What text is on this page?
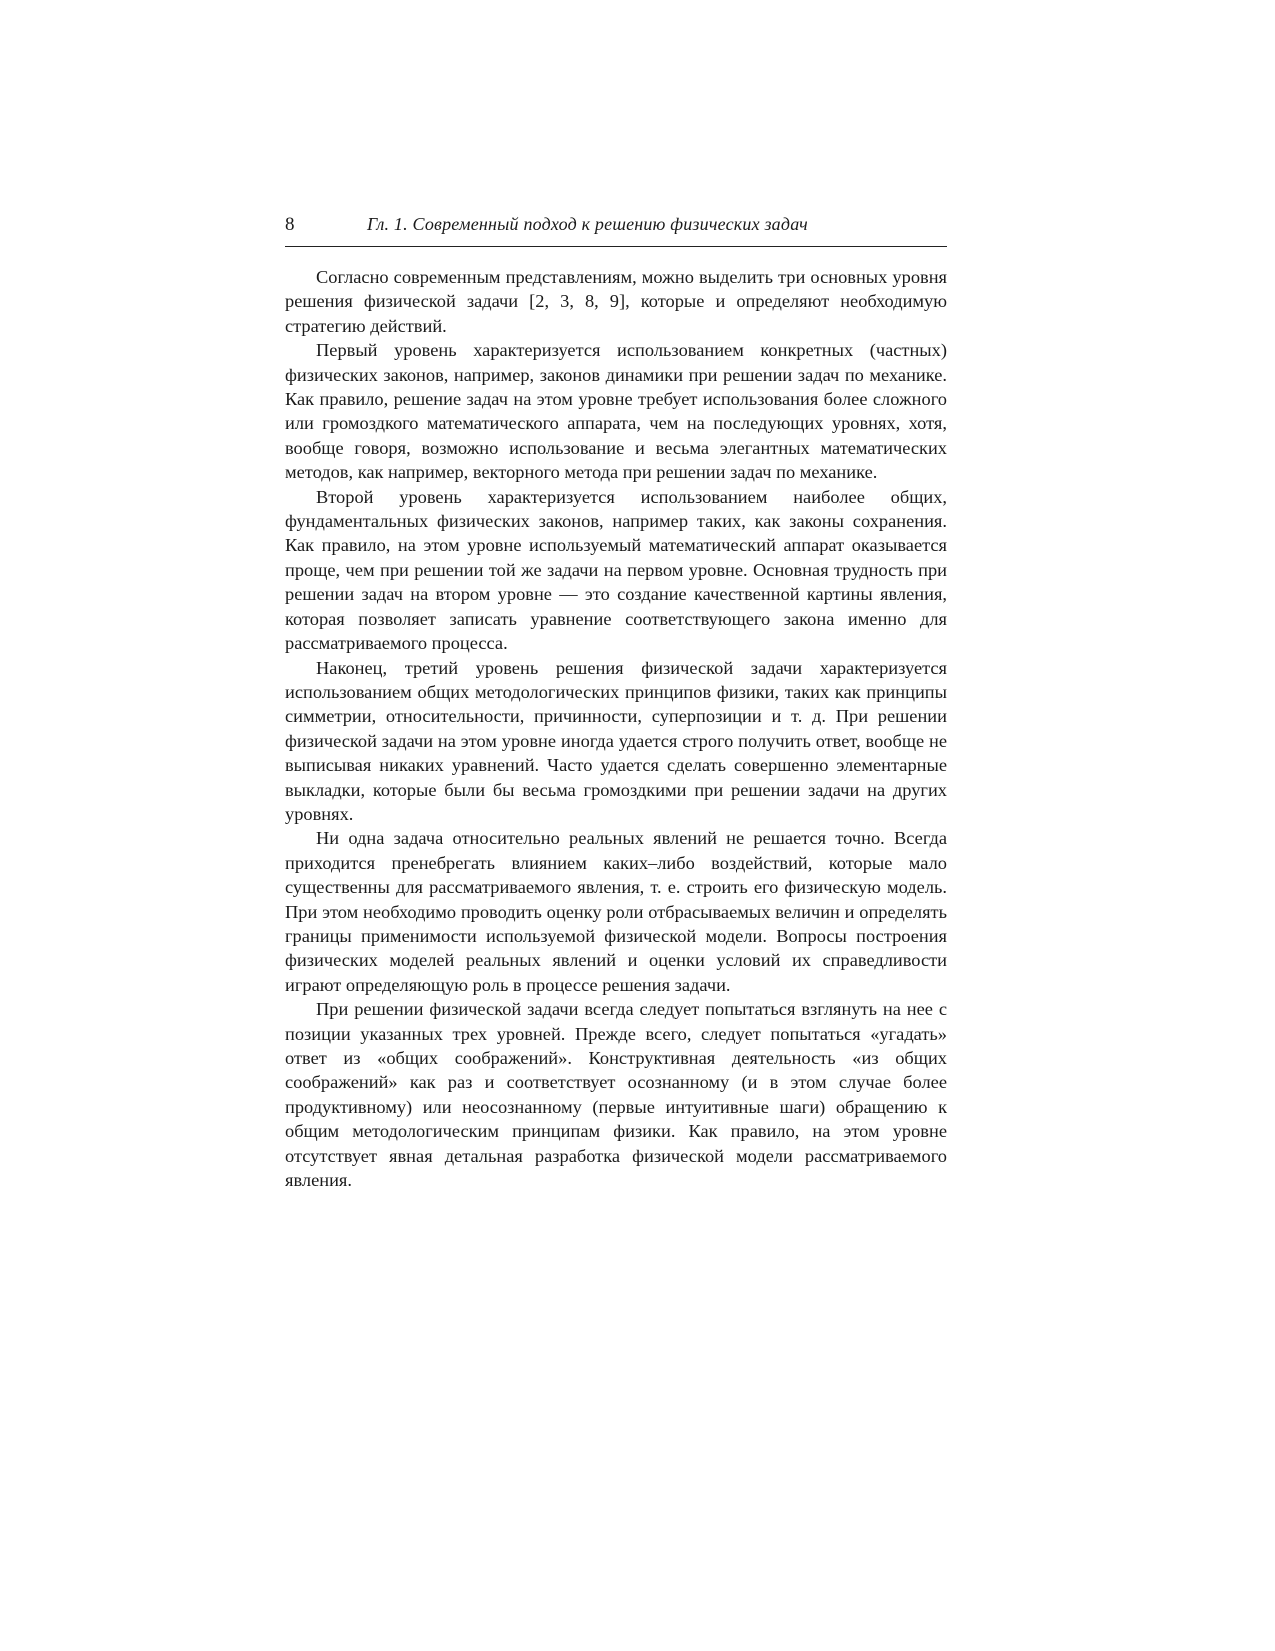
8	Гл. 1. Современный подход к решению физических задач

Согласно современным представлениям, можно выделить три основных уровня решения физической задачи [2, 3, 8, 9], которые и определяют необходимую стратегию действий.

Первый уровень характеризуется использованием конкретных (частных) физических законов, например, законов динамики при решении задач по механике. Как правило, решение задач на этом уровне требует использования более сложного или громоздкого математического аппарата, чем на последующих уровнях, хотя, вообще говоря, возможно использование и весьма элегантных математических методов, как например, векторного метода при решении задач по механике.

Второй уровень характеризуется использованием наиболее общих, фундаментальных физических законов, например таких, как законы сохранения. Как правило, на этом уровне используемый математический аппарат оказывается проще, чем при решении той же задачи на первом уровне. Основная трудность при решении задач на втором уровне — это создание качественной картины явления, которая позволяет записать уравнение соответствующего закона именно для рассматриваемого процесса.

Наконец, третий уровень решения физической задачи характеризуется использованием общих методологических принципов физики, таких как принципы симметрии, относительности, причинности, суперпозиции и т. д. При решении физической задачи на этом уровне иногда удается строго получить ответ, вообще не выписывая никаких уравнений. Часто удается сделать совершенно элементарные выкладки, которые были бы весьма громоздкими при решении задачи на других уровнях.

Ни одна задача относительно реальных явлений не решается точно. Всегда приходится пренебрегать влиянием каких–либо воздействий, которые мало существенны для рассматриваемого явления, т. е. строить его физическую модель. При этом необходимо проводить оценку роли отбрасываемых величин и определять границы применимости используемой физической модели. Вопросы построения физических моделей реальных явлений и оценки условий их справедливости играют определяющую роль в процессе решения задачи.

При решении физической задачи всегда следует попытаться взглянуть на нее с позиции указанных трех уровней. Прежде всего, следует попытаться «угадать» ответ из «общих соображений». Конструктивная деятельность «из общих соображений» как раз и соответствует осознанному (и в этом случае более продуктивному) или неосознанному (первые интуитивные шаги) обращению к общим методологическим принципам физики. Как правило, на этом уровне отсутствует явная детальная разработка физической модели рассматриваемого явления.
